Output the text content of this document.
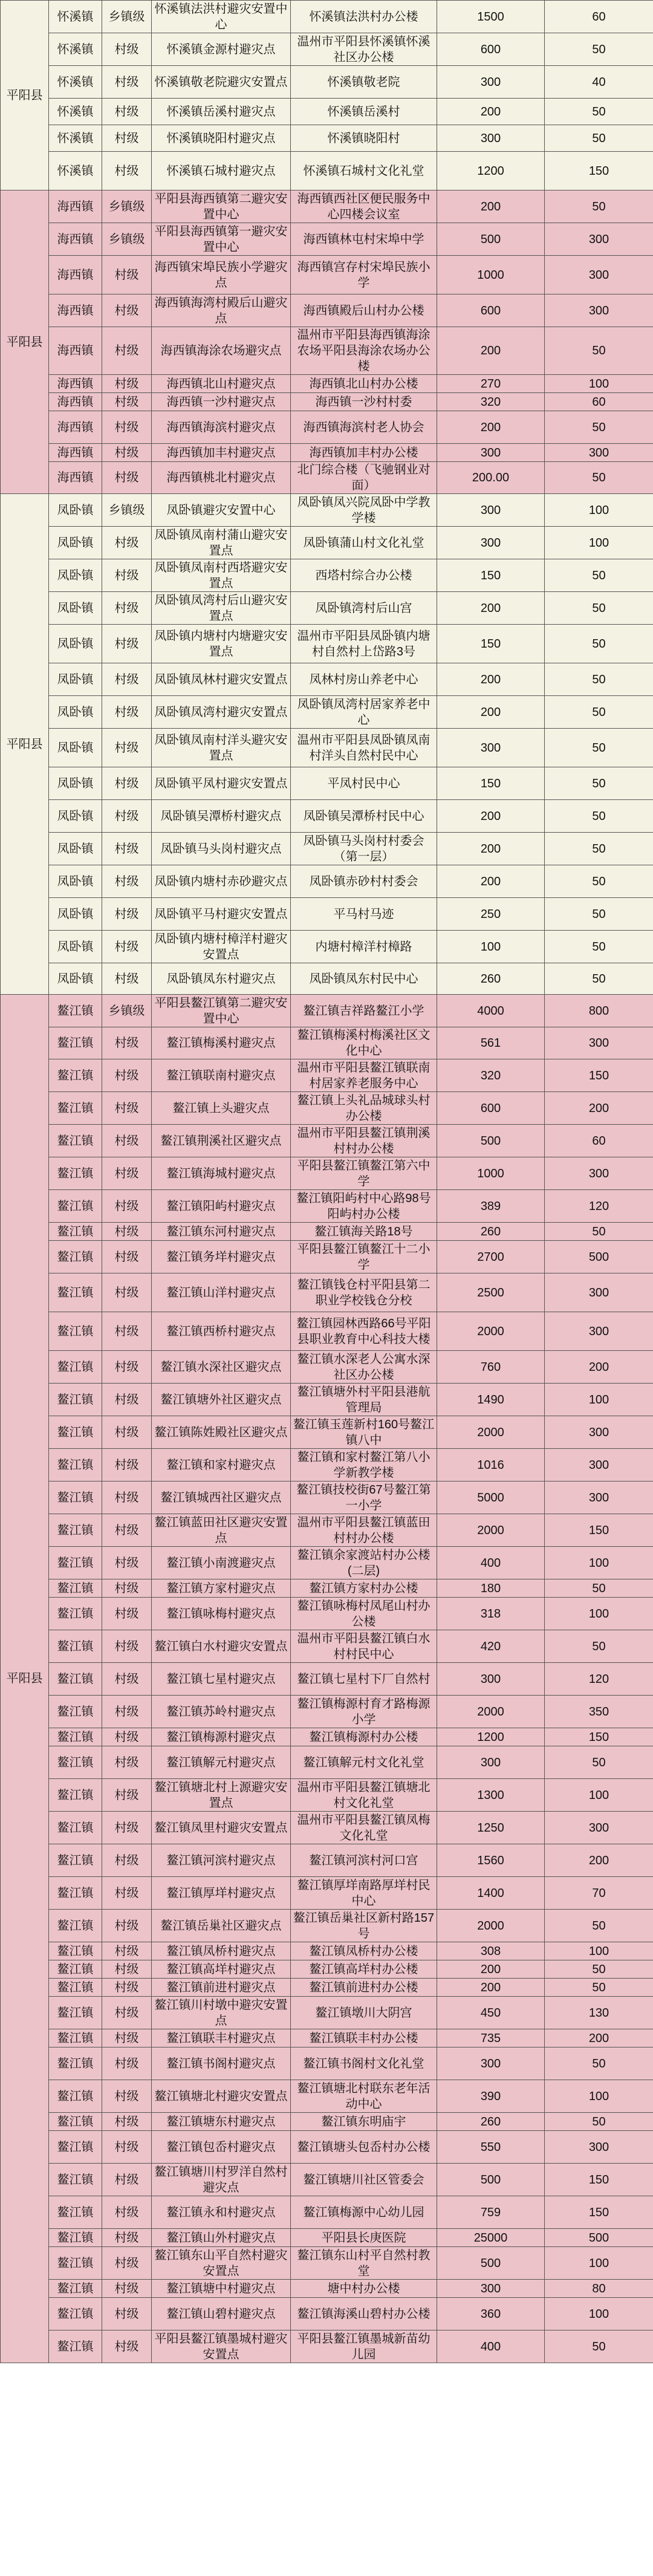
平阳县	怀溪镇	乡镇级	怀溪镇法洪村避灾安置中心	怀溪镇法洪村办公楼	1500	60
	怀溪镇	村级	怀溪镇金源村避灾点	温州市平阳县怀溪镇怀溪社区办公楼	600	50
	怀溪镇	村级	怀溪镇敬老院避灾安置点	怀溪镇敬老院	300	40
	怀溪镇	村级	怀溪镇岳溪村避灾点	怀溪镇岳溪村	200	50
	怀溪镇	村级	怀溪镇晓阳村避灾点	怀溪镇晓阳村	300	50
	怀溪镇	村级	怀溪镇石城村避灾点	怀溪镇石城村文化礼堂	1200	150
平阳县	海西镇	乡镇级	平阳县海西镇第二避灾安置中心	海西镇西社区便民服务中心四楼会议室	200	50
	海西镇	乡镇级	平阳县海西镇第一避灾安置中心	海西镇林屯村宋埠中学	500	300
	海西镇	村级	海西镇宋埠民族小学避灾点	海西镇宫存村宋埠民族小学	1000	300
	海西镇	村级	海西镇海湾村殿后山避灾点	海西镇殿后山村办公楼	600	300
	海西镇	村级	海西镇海涂农场避灾点	温州市平阳县海西镇海涂农场平阳县海涂农场办公楼	200	50
	海西镇	村级	海西镇北山村避灾点	海西镇北山村办公楼	270	100
	海西镇	村级	海西镇一沙村避灾点	海西镇一沙村村委	320	60
	海西镇	村级	海西镇海滨村避灾点	海西镇海滨村老人协会	200	50
	海西镇	村级	海西镇加丰村避灾点	海西镇加丰村办公楼	300	300
	海西镇	村级	海西镇桃北村避灾点	北门综合楼（飞驰钢业对面）	200.00	50
平阳县	凤卧镇	乡镇级	凤卧镇避灾安置中心	凤卧镇凤兴院凤卧中学教学楼	300	100
	凤卧镇	村级	凤卧镇凤南村蒲山避灾安置点	凤卧镇蒲山村文化礼堂	300	100
	凤卧镇	村级	凤卧镇凤南村西塔避灾安置点	西塔村综合办公楼	150	50
	凤卧镇	村级	凤卧镇凤湾村后山避灾安置点	凤卧镇湾村后山宫	200	50
	凤卧镇	村级	凤卧镇内塘村内塘避灾安置点	温州市平阳县凤卧镇内塘村自然村上岱路3号	150	50
	凤卧镇	村级	凤卧镇凤林村避灾安置点	凤林村房山养老中心	200	50
	凤卧镇	村级	凤卧镇凤湾村避灾安置点	凤卧镇凤湾村居家养老中心	200	50
	凤卧镇	村级	凤卧镇凤南村洋头避灾安置点	温州市平阳县凤卧镇凤南村洋头自然村民中心	300	50
	凤卧镇	村级	凤卧镇平凤村避灾安置点	平凤村民中心	150	50
	凤卧镇	村级	凤卧镇吴潭桥村避灾点	凤卧镇吴潭桥村民中心	200	50
	凤卧镇	村级	凤卧镇马头岗村避灾点	凤卧镇马头岗村村委会（第一层）	200	50
	凤卧镇	村级	凤卧镇内塘村赤砂避灾点	凤卧镇赤砂村村委会	200	50
	凤卧镇	村级	凤卧镇平马村避灾安置点	平马村马迹	250	50
	凤卧镇	村级	凤卧镇内塘村樟洋村避灾安置点	内塘村樟洋村樟路	100	50
	凤卧镇	村级	凤卧镇凤东村避灾点	凤卧镇凤东村民中心	260	50
平阳县	鳌江镇	乡镇级	平阳县鳌江镇第二避灾安置中心	鳌江镇吉祥路鳌江小学	4000	800
	鳌江镇	村级	鳌江镇梅溪村避灾点	鳌江镇梅溪村梅溪社区文化中心	561	300
	鳌江镇	村级	鳌江镇联南村避灾点	温州市平阳县鳌江镇联南村居家养老服务中心	320	150
	鳌江镇	村级	鳌江镇上头避灾点	鳌江镇上头礼品城球头村办公楼	600	200
	鳌江镇	村级	鳌江镇荆溪社区避灾点	温州市平阳县鳌江镇荆溪村村办公楼	500	60
	鳌江镇	村级	鳌江镇海城村避灾点	平阳县鳌江镇鳌江第六中学	1000	300
	鳌江镇	村级	鳌江镇阳屿村避灾点	鳌江镇阳屿村中心路98号阳屿村办公楼	389	120
	鳌江镇	村级	鳌江镇东河村避灾点	鳌江镇海关路18号	260	50
	鳌江镇	村级	鳌江镇务垟村避灾点	平阳县鳌江镇鳌江十二小学	2700	500
	鳌江镇	村级	鳌江镇山洋村避灾点	鳌江镇钱仓村平阳县第二职业学校钱仓分校	2500	300
	鳌江镇	村级	鳌江镇西桥村避灾点	鳌江镇园林西路66号平阳县职业教育中心科技大楼	2000	300
	鳌江镇	村级	鳌江镇水深社区避灾点	鳌江镇水深老人公寓水深社区办公楼	760	200
	鳌江镇	村级	鳌江镇塘外社区避灾点	鳌江镇塘外村平阳县港航管理局	1490	100
	鳌江镇	村级	鳌江镇陈姓殿社区避灾点	鳌江镇玉莲新村160号鳌江镇八中	2000	300
	鳌江镇	村级	鳌江镇和家村避灾点	鳌江镇和家村鳌江第八小学新教学楼	1016	300
	鳌江镇	村级	鳌江镇城西社区避灾点	鳌江镇技校街67号鳌江第一小学	5000	300
	鳌江镇	村级	鳌江镇蓝田社区避灾安置点	温州市平阳县鳌江镇蓝田村村办公楼	2000	150
	鳌江镇	村级	鳌江镇小南渡避灾点	鳌江镇余家渡站村办公楼(二层)	400	100
	鳌江镇	村级	鳌江镇方家村避灾点	鳌江镇方家村办公楼	180	50
	鳌江镇	村级	鳌江镇咏梅村避灾点	鳌江镇咏梅村凤尾山村办公楼	318	100
	鳌江镇	村级	鳌江镇白水村避灾安置点	温州市平阳县鳌江镇白水村村民中心	420	50
	鳌江镇	村级	鳌江镇七星村避灾点	鳌江镇七星村下厂自然村	300	120
	鳌江镇	村级	鳌江镇苏岭村避灾点	鳌江镇梅源村育才路梅源小学	2000	350
	鳌江镇	村级	鳌江镇梅源村避灾点	鳌江镇梅源村办公楼	1200	150
	鳌江镇	村级	鳌江镇解元村避灾点	鳌江镇解元村文化礼堂	300	50
	鳌江镇	村级	鳌江镇塘北村上源避灾安置点	温州市平阳县鳌江镇塘北村文化礼堂	1300	100
	鳌江镇	村级	鳌江镇凤里村避灾安置点	温州市平阳县鳌江镇凤梅文化礼堂	1250	300
	鳌江镇	村级	鳌江镇河滨村避灾点	鳌江镇河滨村河口宫	1560	200
	鳌江镇	村级	鳌江镇厚垟村避灾点	鳌江镇厚垟南路厚垟村民中心	1400	70
	鳌江镇	村级	鳌江镇岳巢社区避灾点	鳌江镇岳巢社区新村路157号	2000	50
	鳌江镇	村级	鳌江镇凤桥村避灾点	鳌江镇凤桥村办公楼	308	100
	鳌江镇	村级	鳌江镇高垟村避灾点	鳌江镇高垟村办公楼	200	50
	鳌江镇	村级	鳌江镇前进村避灾点	鳌江镇前进村办公楼	200	50
	鳌江镇	村级	鳌江镇川村墩中避灾安置点	鳌江镇墩川大阴宫	450	130
	鳌江镇	村级	鳌江镇联丰村避灾点	鳌江镇联丰村办公楼	735	200
	鳌江镇	村级	鳌江镇书阁村避灾点	鳌江镇书阁村文化礼堂	300	50
	鳌江镇	村级	鳌江镇塘北村避灾安置点	鳌江镇塘北村联东老年活动中心	390	100
	鳌江镇	村级	鳌江镇塘东村避灾点	鳌江镇东明庙宇	260	50
	鳌江镇	村级	鳌江镇包岙村避灾点	鳌江镇塘头包岙村办公楼	550	300
	鳌江镇	村级	鳌江镇塘川村罗洋自然村避灾点	鳌江镇塘川社区管委会	500	150
	鳌江镇	村级	鳌江镇永和村避灾点	鳌江镇梅源中心幼儿园	759	150
	鳌江镇	村级	鳌江镇山外村避灾点	平阳县长庚医院	25000	500
	鳌江镇	村级	鳌江镇东山平自然村避灾安置点	鳌江镇东山村平自然村教堂	500	100
	鳌江镇	村级	鳌江镇塘中村避灾点	塘中村办公楼	300	80
	鳌江镇	村级	鳌江镇山碧村避灾点	鳌江镇海溪山碧村办公楼	360	100
	鳌江镇	村级	平阳县鳌江镇墨城村避灾安置点	平阳县鳌江镇墨城新苗幼儿园	400	50
